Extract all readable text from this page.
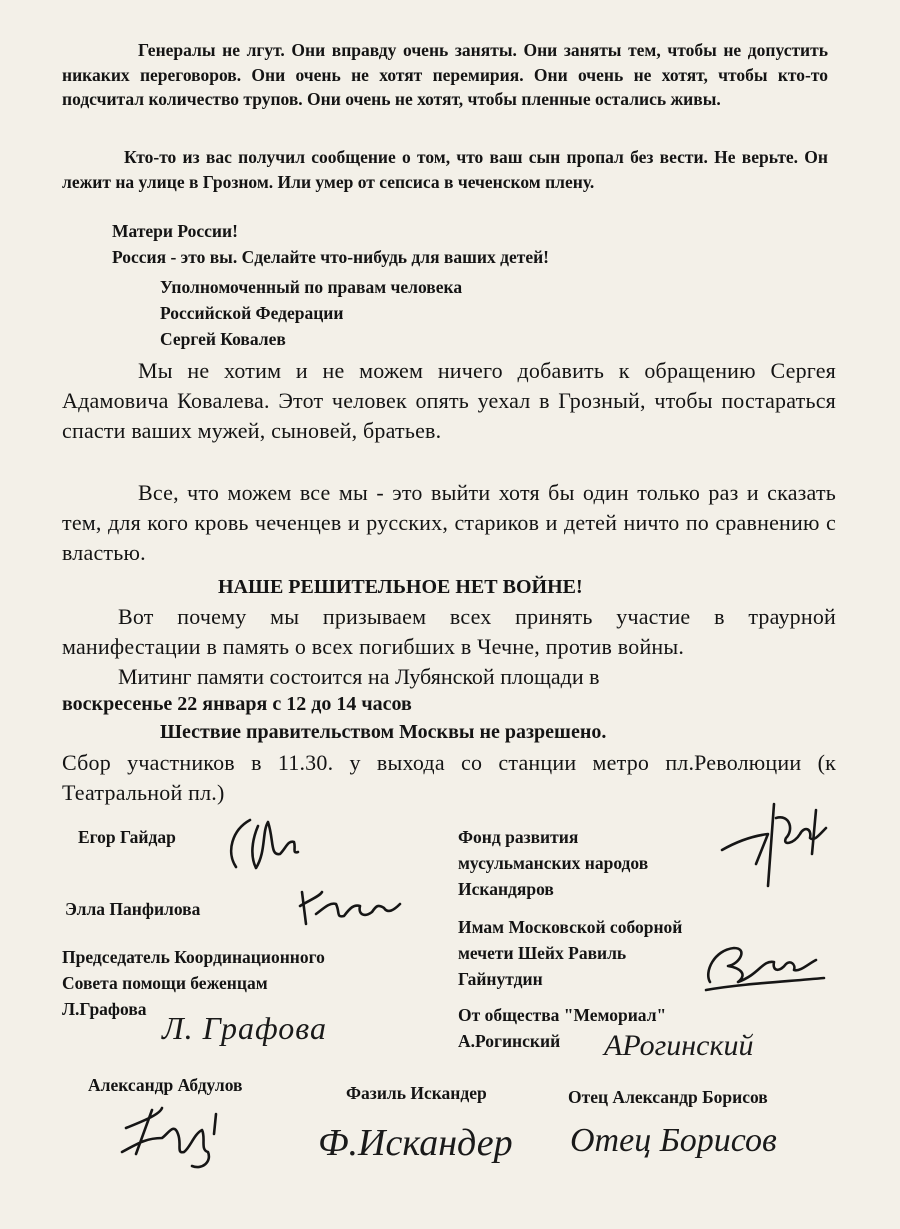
Генералы не лгут. Они вправду очень заняты. Они заняты тем, чтобы не допустить никаких переговоров. Они очень не хотят перемирия. Они очень не хотят, чтобы кто-то подсчитал количество трупов. Они очень не хотят, чтобы пленные остались живы.

Кто-то из вас получил сообщение о том, что ваш сын пропал без вести. Не верьте. Он лежит на улице в Грозном. Или умер от сепсиса в чеченском плену.

Матери России!

Россия - это вы. Сделайте что-нибудь для ваших детей!

Уполномоченный по правам человека

Российской Федерации

Сергей Ковалев

Мы не хотим и не можем ничего добавить к обращению Сергея Адамовича Ковалева. Этот человек опять уехал в Грозный, чтобы постараться спасти ваших мужей, сыновей, братьев.

Все, что можем все мы - это выйти хотя бы один только раз и сказать тем, для кого кровь чеченцев и русских, стариков и детей ничто по сравнению с властью.

НАШЕ РЕШИТЕЛЬНОЕ НЕТ ВОЙНЕ!

Вот почему мы призываем всех принять участие в траурной манифестации в память о всех погибших в Чечне, против войны.

Митинг памяти состоится на Лубянской площади в

воскресенье 22 января с 12 до 14 часов

Шествие правительством Москвы не разрешено.

Сбор участников в 11.30. у выхода со станции метро пл.Революции (к Театральной пл.)

Егор Гайдар

Элла Панфилова

Председатель Координационного

Совета помощи беженцам

Л.Графова

Л. Графова

Фонд развития

мусульманских народов

Искандяров

Имам Московской соборной

мечети Шейх Равиль

Гайнутдин

От общества "Мемориал"

А.Рогинский АРогинский

Александр Абдулов	Фазиль Искандер

Ф.Искандер

Отец Александр Борисов

Отец Борисов
